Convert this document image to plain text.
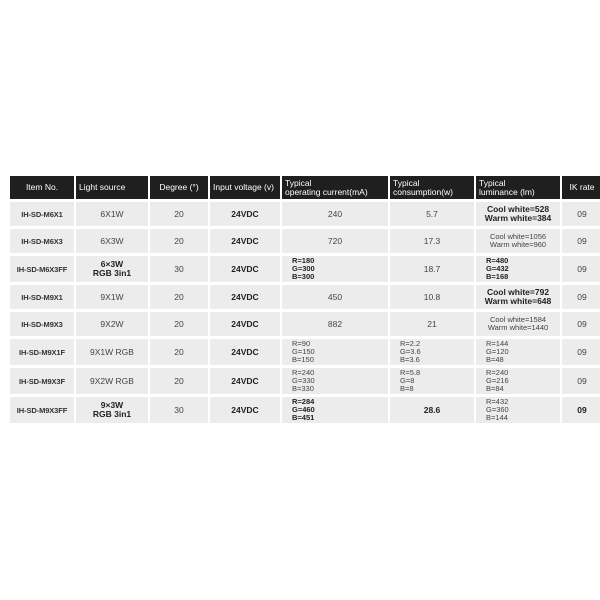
Item No.	Light source	Degree (°)	Input voltage (v)	Typical
operating current(mA)	Typical
consumption(w)	Typical
luminance (lm)	IK rate
IH-SD-M6X1	6X1W	20	24VDC	240	5.7	Cool white=528
Warm white=384	09
IH-SD-M6X3	6X3W	20	24VDC	720	17.3	Cool white=1056
Warm white=960	09
IH-SD-M6X3FF	6×3W
RGB 3in1	30	24VDC	R=180
G=300
B=300	18.7	R=480
G=432
B=168	09
IH-SD-M9X1	9X1W	20	24VDC	450	10.8	Cool white=792
Warm white=648	09
IH-SD-M9X3	9X2W	20	24VDC	882	21	Cool white=1584
Warm white=1440	09
IH-SD-M9X1F	9X1W RGB	20	24VDC	R=90
G=150
B=150	R=2.2
G=3.6
B=3.6	R=144
G=120
B=48	09
IH-SD-M9X3F	9X2W RGB	20	24VDC	R=240
G=330
B=330	R=5.8
G=8
B=8	R=240
G=216
B=84	09
IH-SD-M9X3FF	9×3W
RGB 3in1	30	24VDC	R=284
G=460
B=451	28.6	R=432
G=360
B=144	09
